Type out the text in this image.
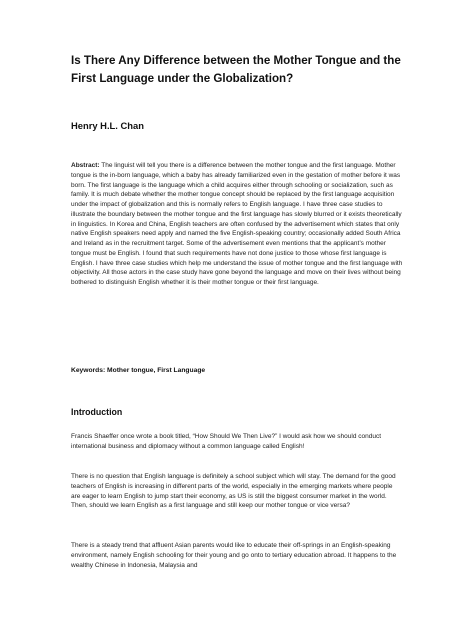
Is There Any Difference between the Mother Tongue and the First Language under the Globalization?

Henry H.L. Chan

Abstract: The linguist will tell you there is a difference between the mother tongue and the first language. Mother tongue is the in-born language, which a baby has already familiarized even in the gestation of mother before it was born. The first language is the language which a child acquires either through schooling or socialization, such as family. It is much debate whether the mother tongue concept should be replaced by the first language acquisition under the impact of globalization and this is normally refers to English language. I have three case studies to illustrate the boundary between the mother tongue and the first language has slowly blurred or it exists theoretically in linguistics. In Korea and China, English teachers are often confused by the advertisement which states that only native English speakers need apply and named the five English-speaking country; occasionally added South Africa and Ireland as in the recruitment target. Some of the advertisement even mentions that the applicant’s mother tongue must be English. I found that such requirements have not done justice to those whose first language is English. I have three case studies which help me understand the issue of mother tongue and the first language with objectivity. All those actors in the case study have gone beyond the language and move on their lives without being bothered to distinguish English whether it is their mother tongue or their first language.

Keywords: Mother tongue, First Language

Introduction

Francis Shaeffer once wrote a book titled, “How Should We Then Live?” I would ask how we should conduct international business and diplomacy without a common language called English!

There is no question that English language is definitely a school subject which will stay. The demand for the good teachers of English is increasing in different parts of the world, especially in the emerging markets where people are eager to learn English to jump start their economy, as US is still the biggest consumer market in the world. Then, should we learn English as a first language and still keep our mother tongue or vice versa?

There is a steady trend that affluent Asian parents would like to educate their off-springs in an English-speaking environment, namely English schooling for their young and go onto to tertiary education abroad. It happens to the wealthy Chinese in Indonesia, Malaysia and
